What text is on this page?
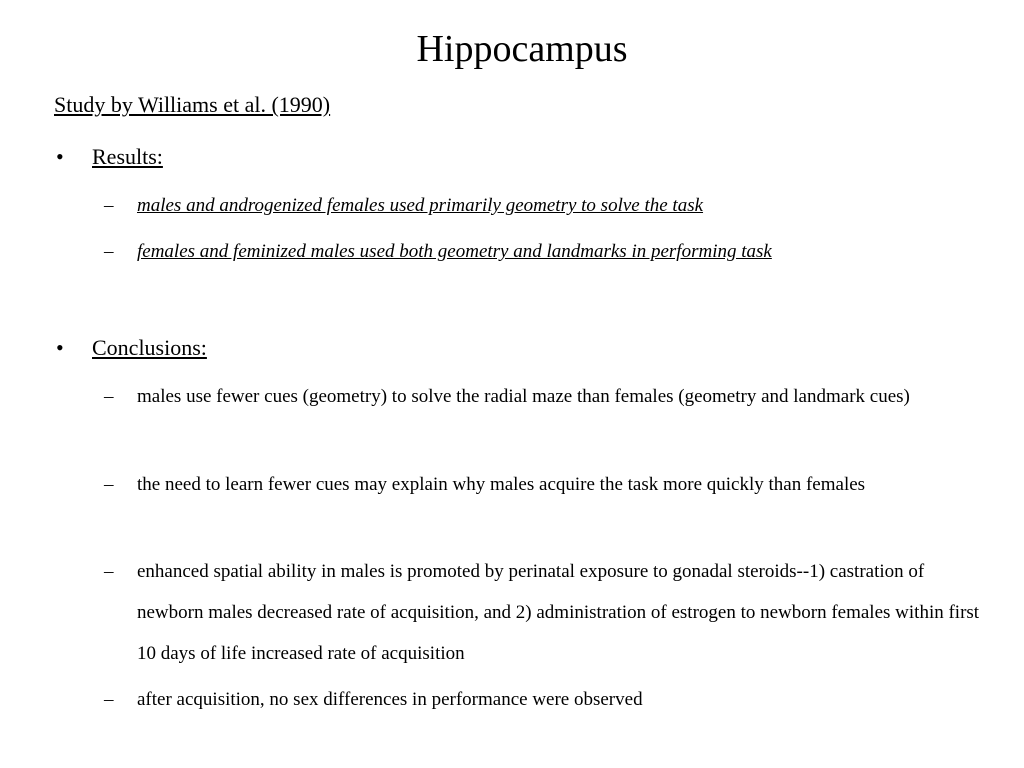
Hippocampus
Study by Williams et al. (1990)
• Results:
– males and androgenized females used primarily geometry to solve the task
– females and feminized males used both geometry and landmarks in performing task
• Conclusions:
– males use fewer cues (geometry) to solve the radial maze than females (geometry and landmark cues)
– the need to learn fewer cues may explain why males acquire the task more quickly than females
– enhanced spatial ability in males is promoted by perinatal exposure to gonadal steroids--1) castration of newborn males decreased rate of acquisition, and 2) administration of estrogen to newborn females within first 10 days of life increased rate of acquisition
– after acquisition, no sex differences in performance were observed
